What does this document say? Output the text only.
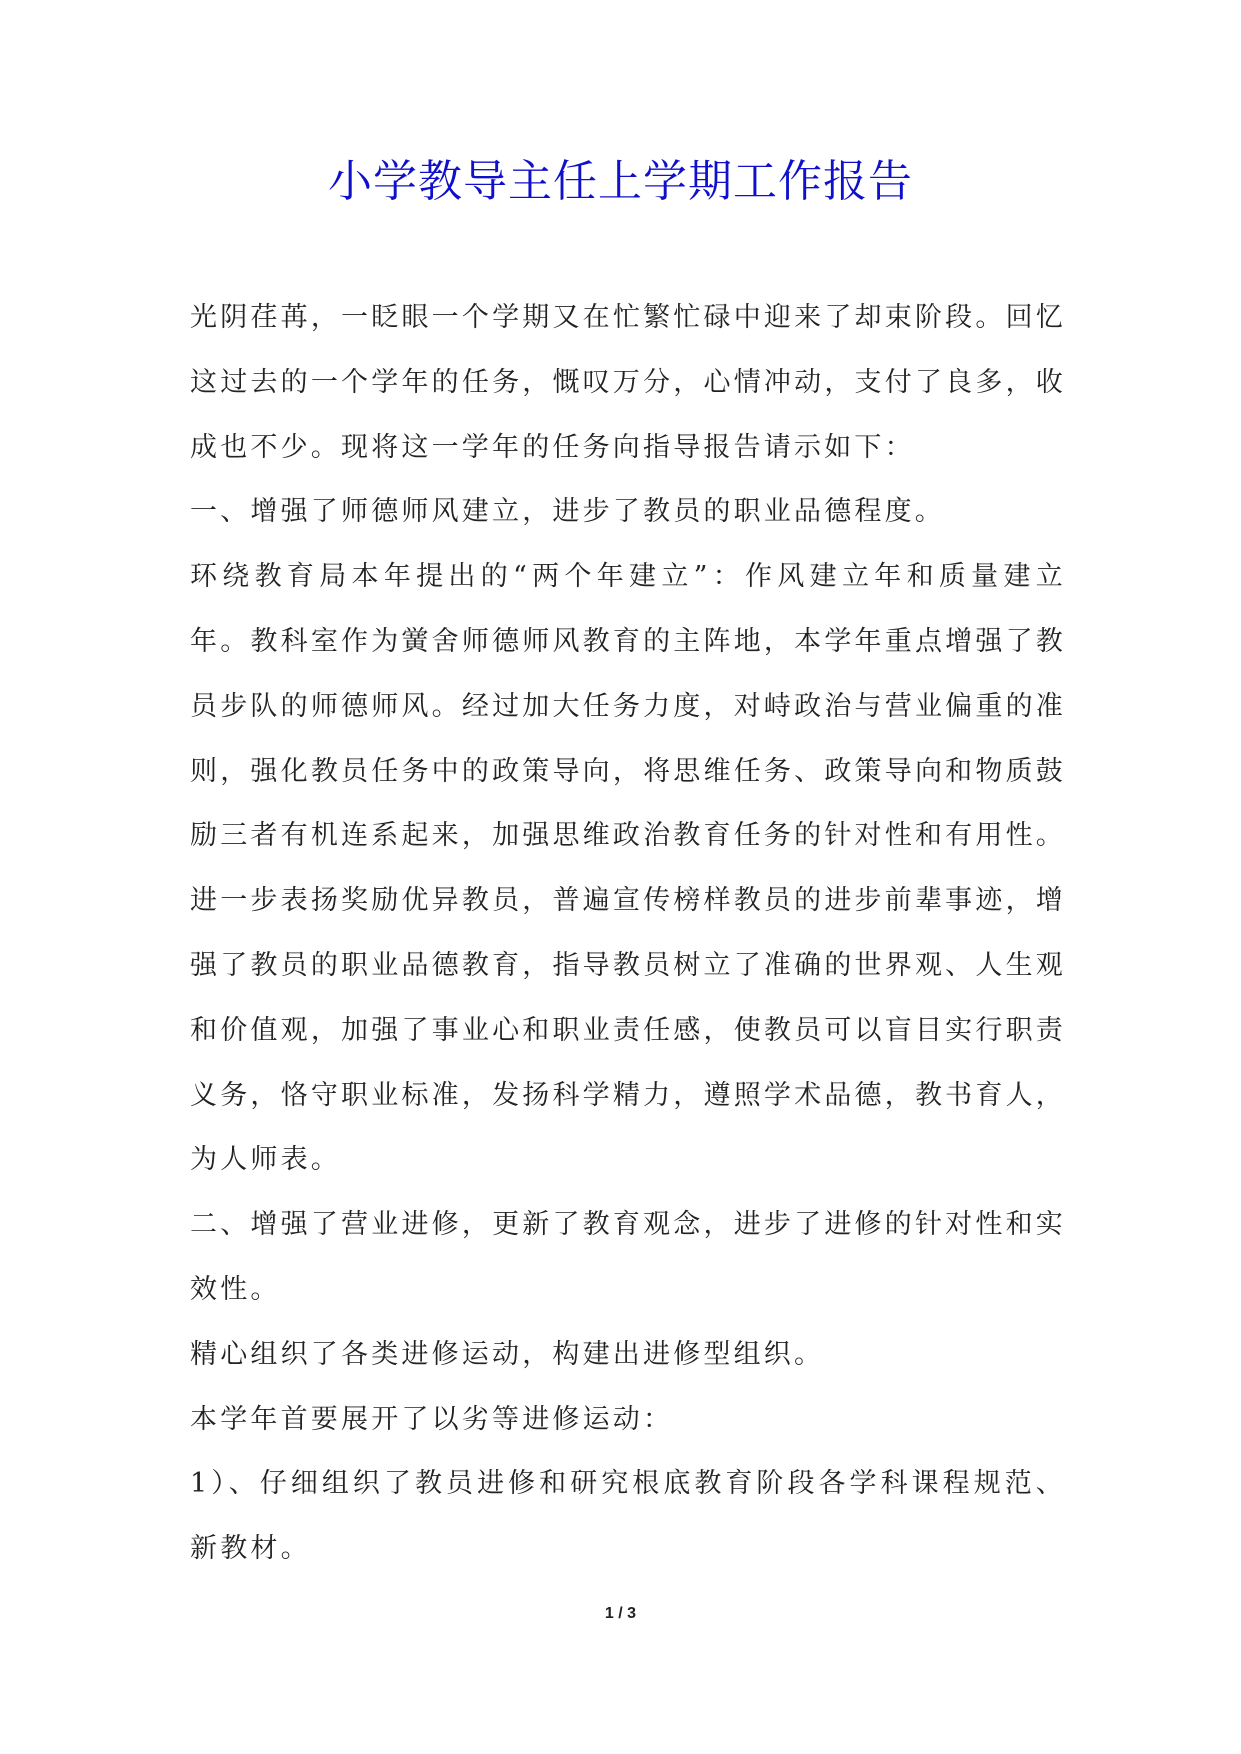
小学教导主任上学期工作报告

光阴荏苒，一眨眼一个学期又在忙繁忙碌中迎来了却束阶段。回忆这过去的一个学年的任务，慨叹万分，心情冲动，支付了良多，收成也不少。现将这一学年的任务向指导报告请示如下：

一、增强了师德师风建立，进步了教员的职业品德程度。

环绕教育局本年提出的“两个年建立”：作风建立年和质量建立年。教科室作为黉舍师德师风教育的主阵地，本学年重点增强了教员步队的师德师风。经过加大任务力度，对峙政治与营业偏重的准则，强化教员任务中的政策导向，将思维任务、政策导向和物质鼓励三者有机连系起来，加强思维政治教育任务的针对性和有用性。进一步表扬奖励优异教员，普遍宣传榜样教员的进步前辈事迹，增强了教员的职业品德教育，指导教员树立了准确的世界观、人生观和价值观，加强了事业心和职业责任感，使教员可以盲目实行职责义务，恪守职业标准，发扬科学精力，遵照学术品德，教书育人，为人师表。

二、增强了营业进修，更新了教育观念，进步了进修的针对性和实效性。

精心组织了各类进修运动，构建出进修型组织。

本学年首要展开了以劣等进修运动：

1）、仔细组织了教员进修和研究根底教育阶段各学科课程规范、新教材。

1 / 3
